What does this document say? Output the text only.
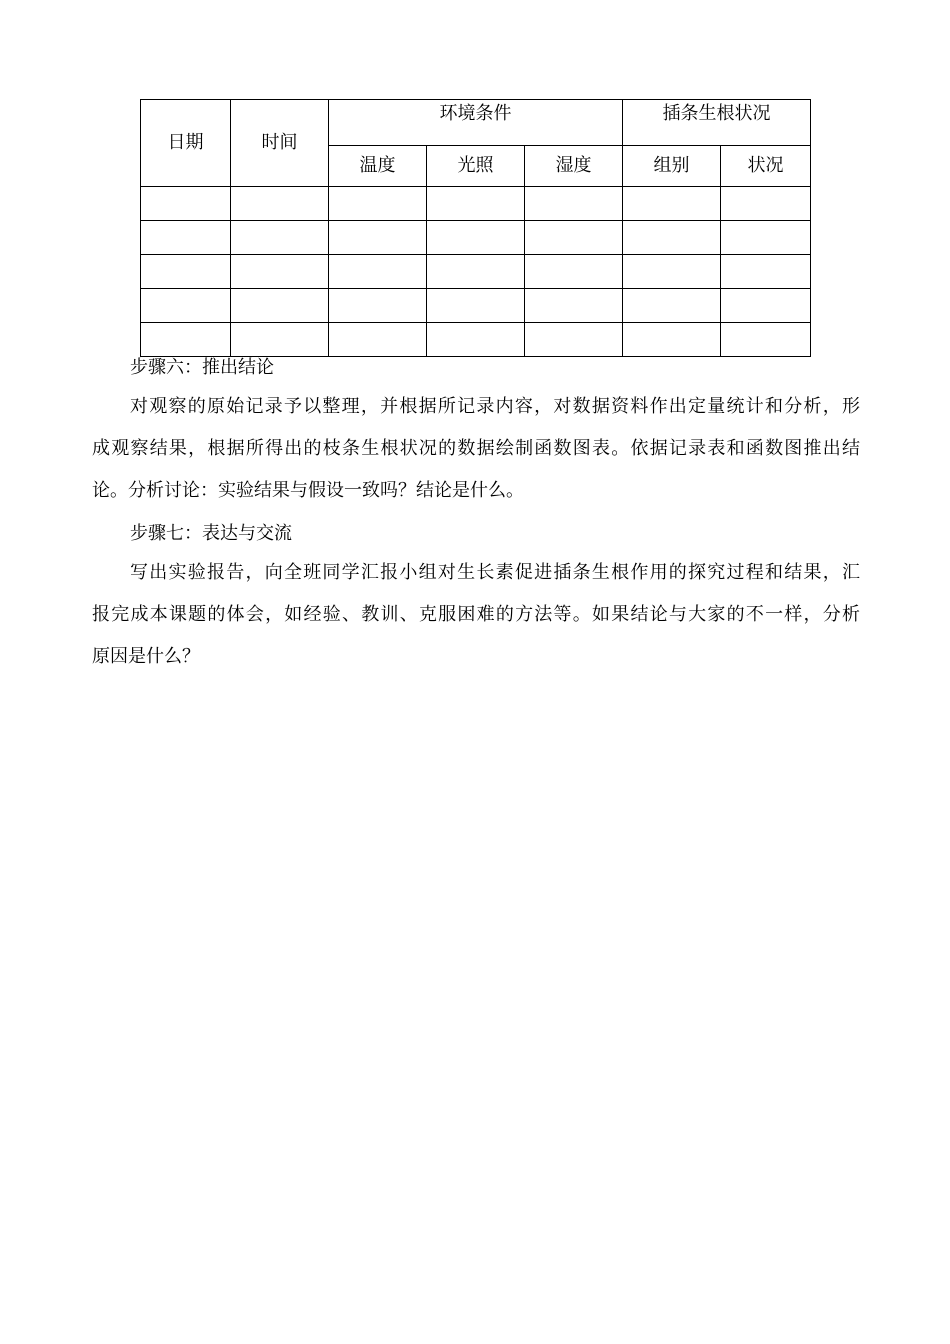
日期	时间	环境条件			插条生根状况	
		温度	光照	湿度	组别	状况

步骤六：推出结论
对观察的原始记录予以整理，并根据所记录内容，对数据资料作出定量统计和分析，形
成观察结果，根据所得出的枝条生根状况的数据绘制函数图表。依据记录表和函数图推出结
论。分析讨论：实验结果与假设一致吗？结论是什么。
步骤七：表达与交流
写出实验报告，向全班同学汇报小组对生长素促进插条生根作用的探究过程和结果，汇
报完成本课题的体会，如经验、教训、克服困难的方法等。如果结论与大家的不一样，分析
原因是什么？
